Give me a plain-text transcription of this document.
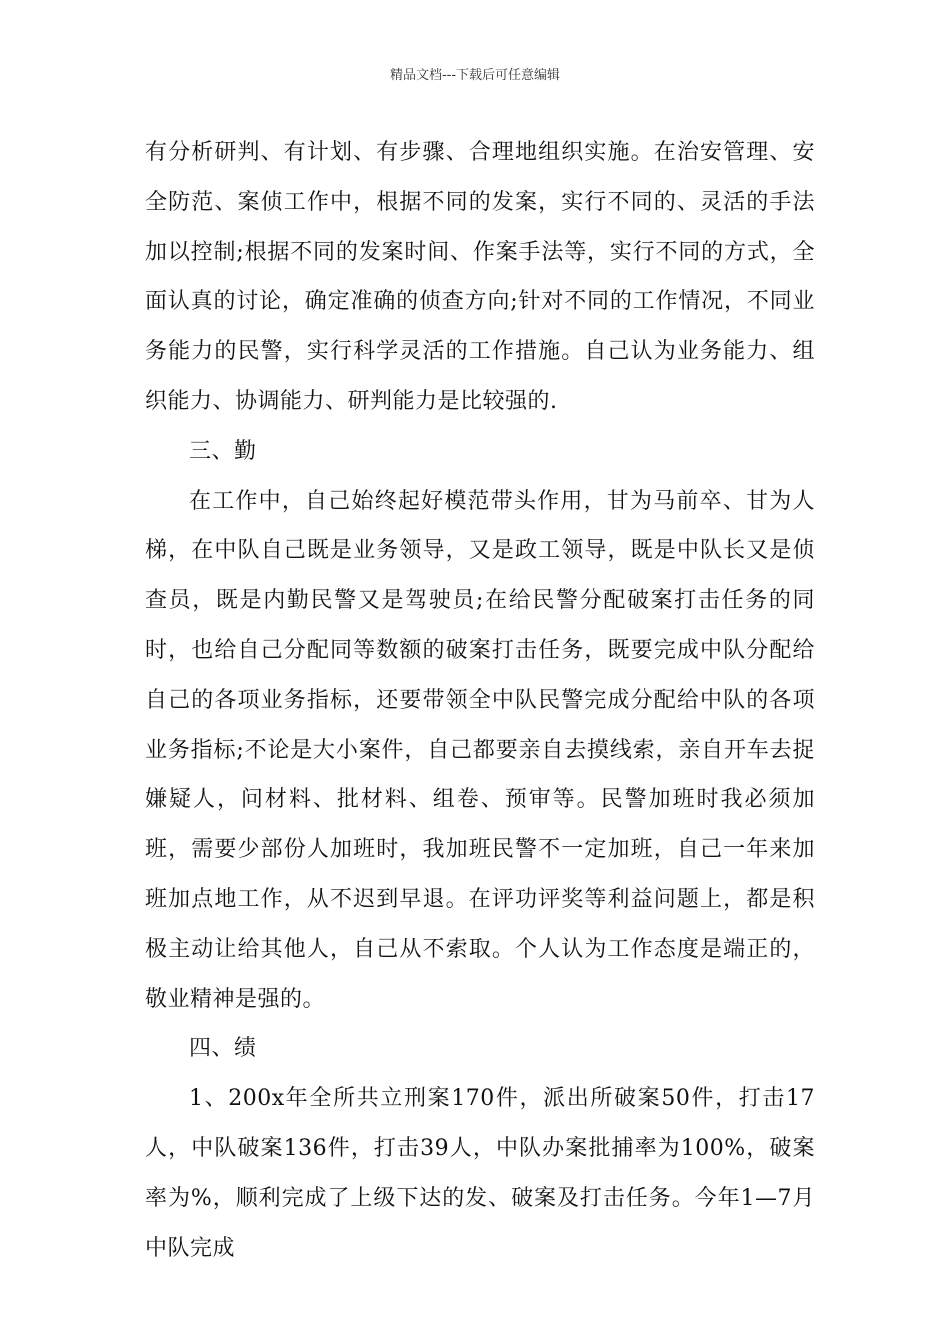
精品文档---下载后可任意编辑

有分析研判、有计划、有步骤、合理地组织实施。在治安管理、安全防范、案侦工作中，根据不同的发案，实行不同的、灵活的手法加以控制;根据不同的发案时间、作案手法等，实行不同的方式，全面认真的讨论，确定准确的侦查方向;针对不同的工作情况，不同业务能力的民警，实行科学灵活的工作措施。自己认为业务能力、组织能力、协调能力、研判能力是比较强的.

三、勤

在工作中，自己始终起好模范带头作用，甘为马前卒、甘为人梯，在中队自己既是业务领导，又是政工领导，既是中队长又是侦查员，既是内勤民警又是驾驶员;在给民警分配破案打击任务的同时，也给自己分配同等数额的破案打击任务，既要完成中队分配给自己的各项业务指标，还要带领全中队民警完成分配给中队的各项业务指标;不论是大小案件，自己都要亲自去摸线索，亲自开车去捉嫌疑人，问材料、批材料、组卷、预审等。民警加班时我必须加班，需要少部份人加班时，我加班民警不一定加班，自己一年来加班加点地工作，从不迟到早退。在评功评奖等利益问题上，都是积极主动让给其他人，自己从不索取。个人认为工作态度是端正的，敬业精神是强的。

四、绩

1、200x年全所共立刑案170件，派出所破案50件，打击17人，中队破案136件，打击39人，中队办案批捕率为100%，破案率为%，顺利完成了上级下达的发、破案及打击任务。今年1—7月中队完成
